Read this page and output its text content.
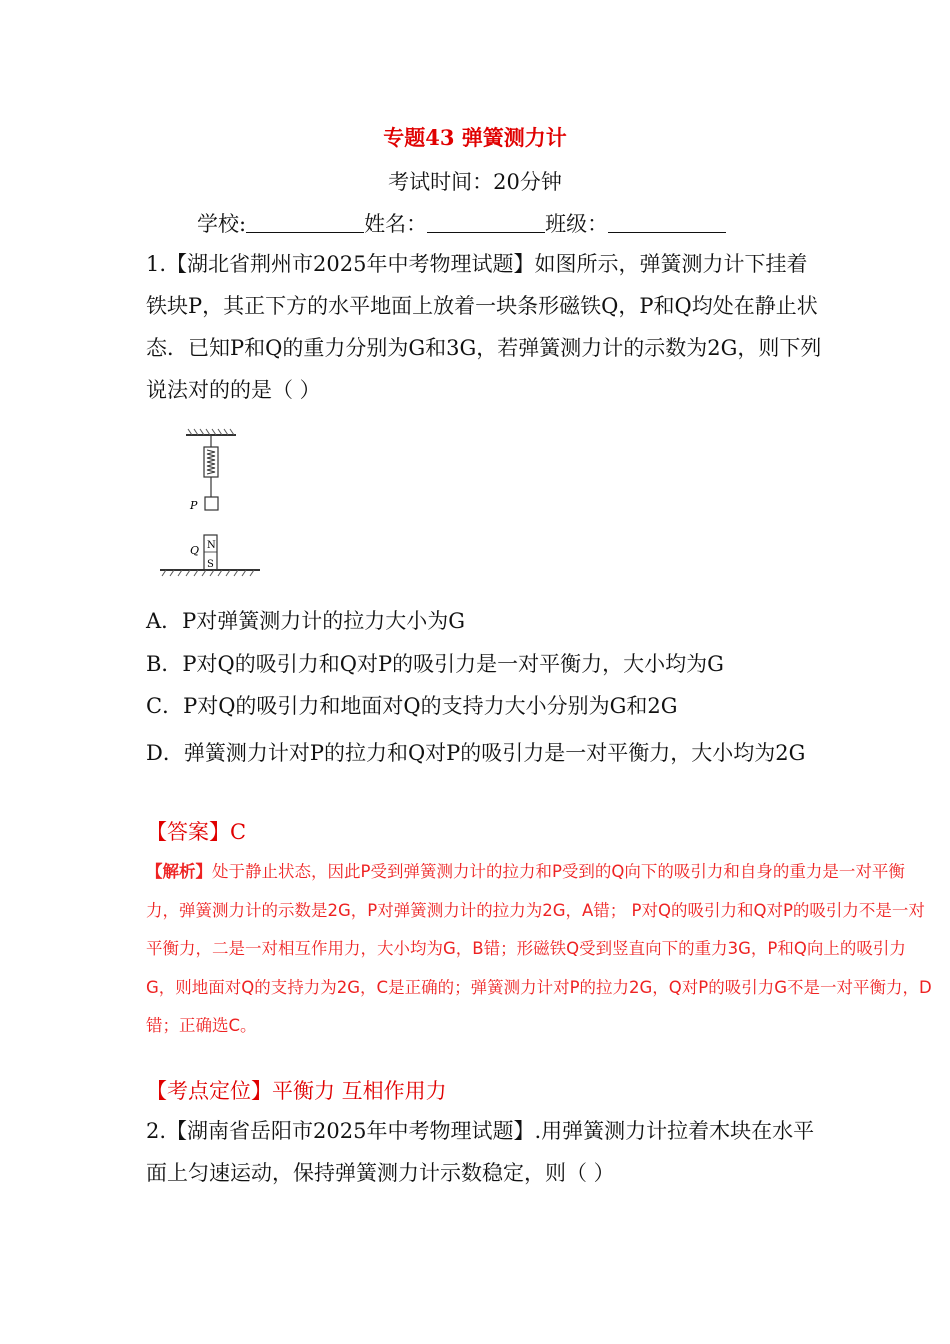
专题43 弹簧测力计
考试时间：20分钟
学校:	姓名：	班级：
1.【湖北省荆州市2025年中考物理试题】如图所示，弹簧测力计下挂着铁块P，其正下方的水平地面上放着一块条形磁铁Q，P和Q均处在静止状态．已知P和Q的重力分别为G和3G，若弹簧测力计的示数为2G，则下列说法对的的是（ ）
P
N
S
Q
A．P对弹簧测力计的拉力大小为G
B．P对Q的吸引力和Q对P的吸引力是一对平衡力，大小均为G
C．P对Q的吸引力和地面对Q的支持力大小分别为G和2G
D．弹簧测力计对P的拉力和Q对P的吸引力是一对平衡力，大小均为2G
【答案】C
【解析】处于静止状态，因此P受到弹簧测力计的拉力和P受到的Q向下的吸引力和自身的重力是一对平衡力，弹簧测力计的示数是2G，P对弹簧测力计的拉力为2G，A错； P对Q的吸引力和Q对P的吸引力不是一对平衡力，二是一对相互作用力，大小均为G，B错；形磁铁Q受到竖直向下的重力3G，P和Q向上的吸引力G，则地面对Q的支持力为2G，C是正确的；弹簧测力计对P的拉力2G，Q对P的吸引力G不是一对平衡力，D错；正确选C。
【考点定位】平衡力 互相作用力
2.【湖南省岳阳市2025年中考物理试题】.用弹簧测力计拉着木块在水平面上匀速运动，保持弹簧测力计示数稳定，则（ ）
